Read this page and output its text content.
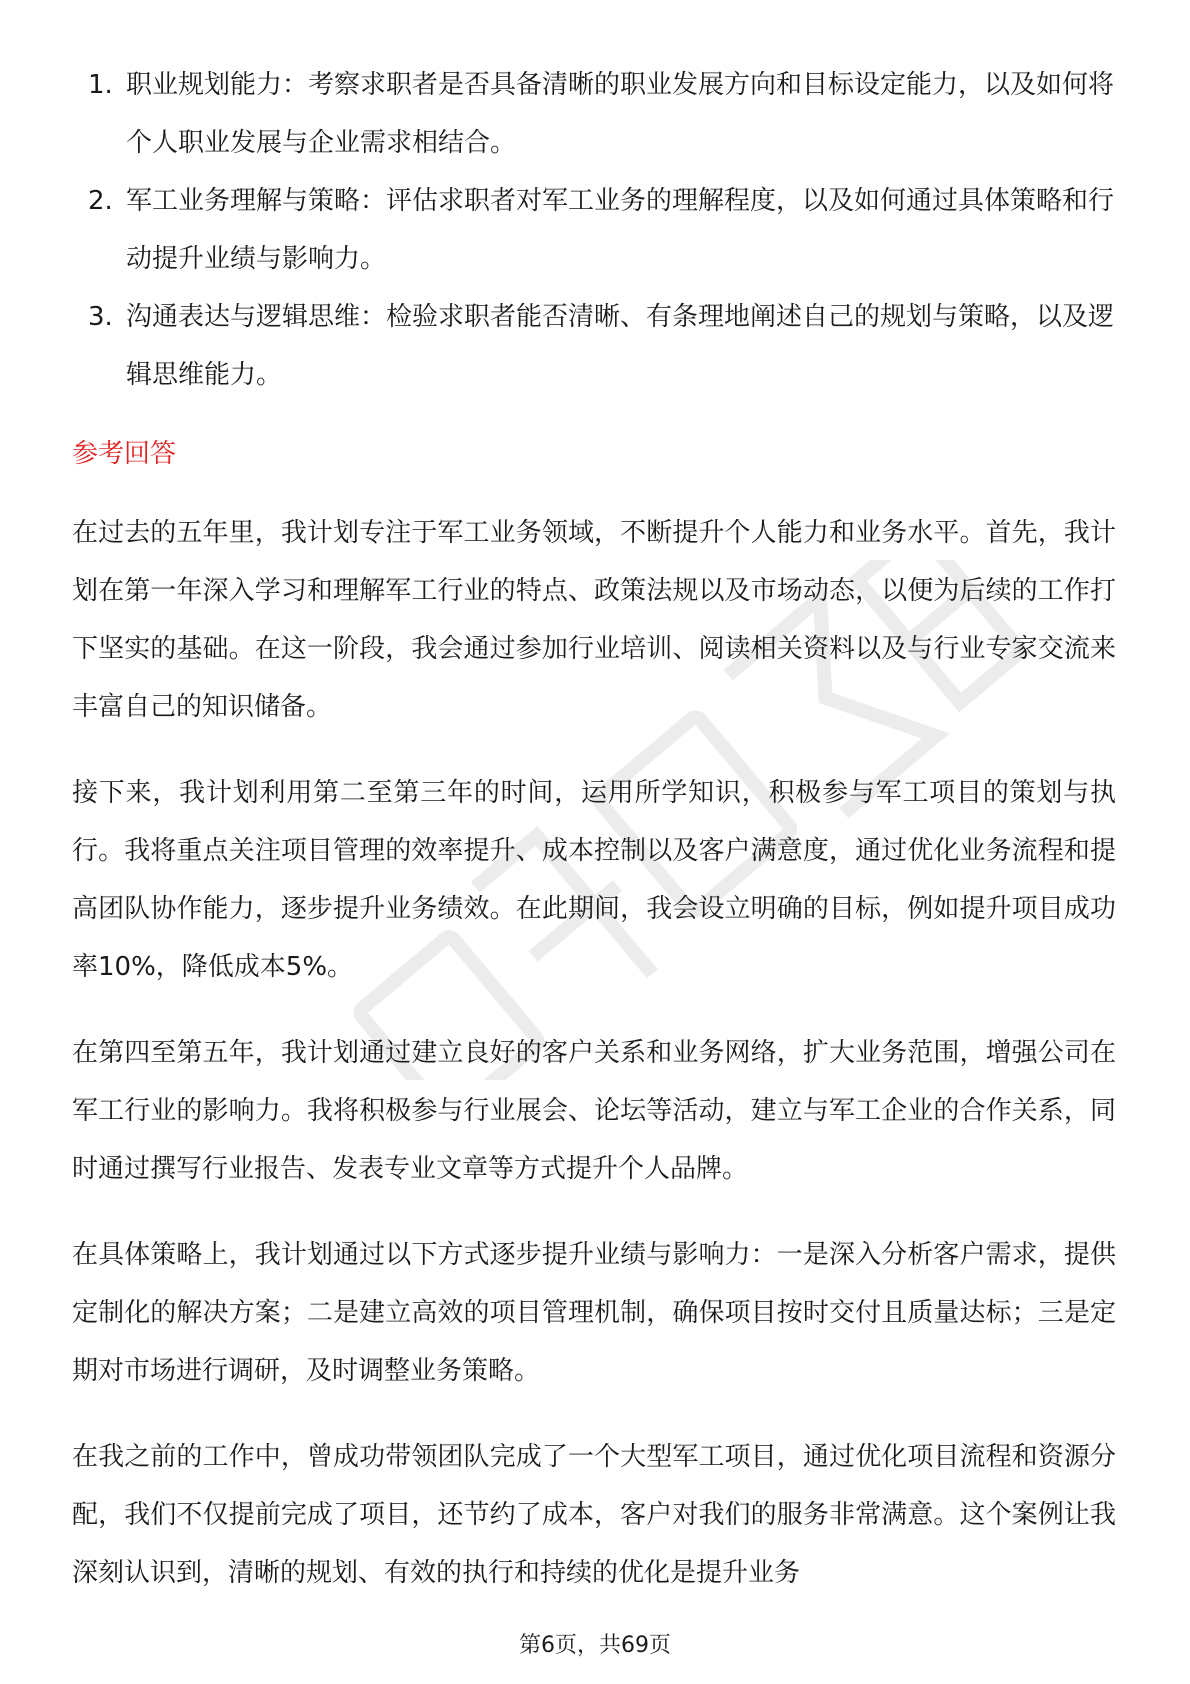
1. 职业规划能力：考察求职者是否具备清晰的职业发展方向和目标设定能力，以及如何将个人职业发展与企业需求相结合。
2. 军工业务理解与策略：评估求职者对军工业务的理解程度，以及如何通过具体策略和行动提升业绩与影响力。
3. 沟通表达与逻辑思维：检验求职者能否清晰、有条理地阐述自己的规划与策略，以及逻辑思维能力。
参考回答

在过去的五年里，我计划专注于军工业务领域，不断提升个人能力和业务水平。首先，我计划在第一年深入学习和理解军工行业的特点、政策法规以及市场动态，以便为后续的工作打下坚实的基础。在这一阶段，我会通过参加行业培训、阅读相关资料以及与行业专家交流来丰富自己的知识储备。

接下来，我计划利用第二至第三年的时间，运用所学知识，积极参与军工项目的策划与执行。我将重点关注项目管理的效率提升、成本控制以及客户满意度，通过优化业务流程和提高团队协作能力，逐步提升业务绩效。在此期间，我会设立明确的目标，例如提升项目成功率10%，降低成本5%。

在第四至第五年，我计划通过建立良好的客户关系和业务网络，扩大业务范围，增强公司在军工行业的影响力。我将积极参与行业展会、论坛等活动，建立与军工企业的合作关系，同时通过撰写行业报告、发表专业文章等方式提升个人品牌。

在具体策略上，我计划通过以下方式逐步提升业绩与影响力：一是深入分析客户需求，提供定制化的解决方案；二是建立高效的项目管理机制，确保项目按时交付且质量达标；三是定期对市场进行调研，及时调整业务策略。

在我之前的工作中，曾成功带领团队完成了一个大型军工项目，通过优化项目流程和资源分配，我们不仅提前完成了项目，还节约了成本，客户对我们的服务非常满意。这个案例让我深刻认识到，清晰的规划、有效的执行和持续的优化是提升业务

第6页，共69页
